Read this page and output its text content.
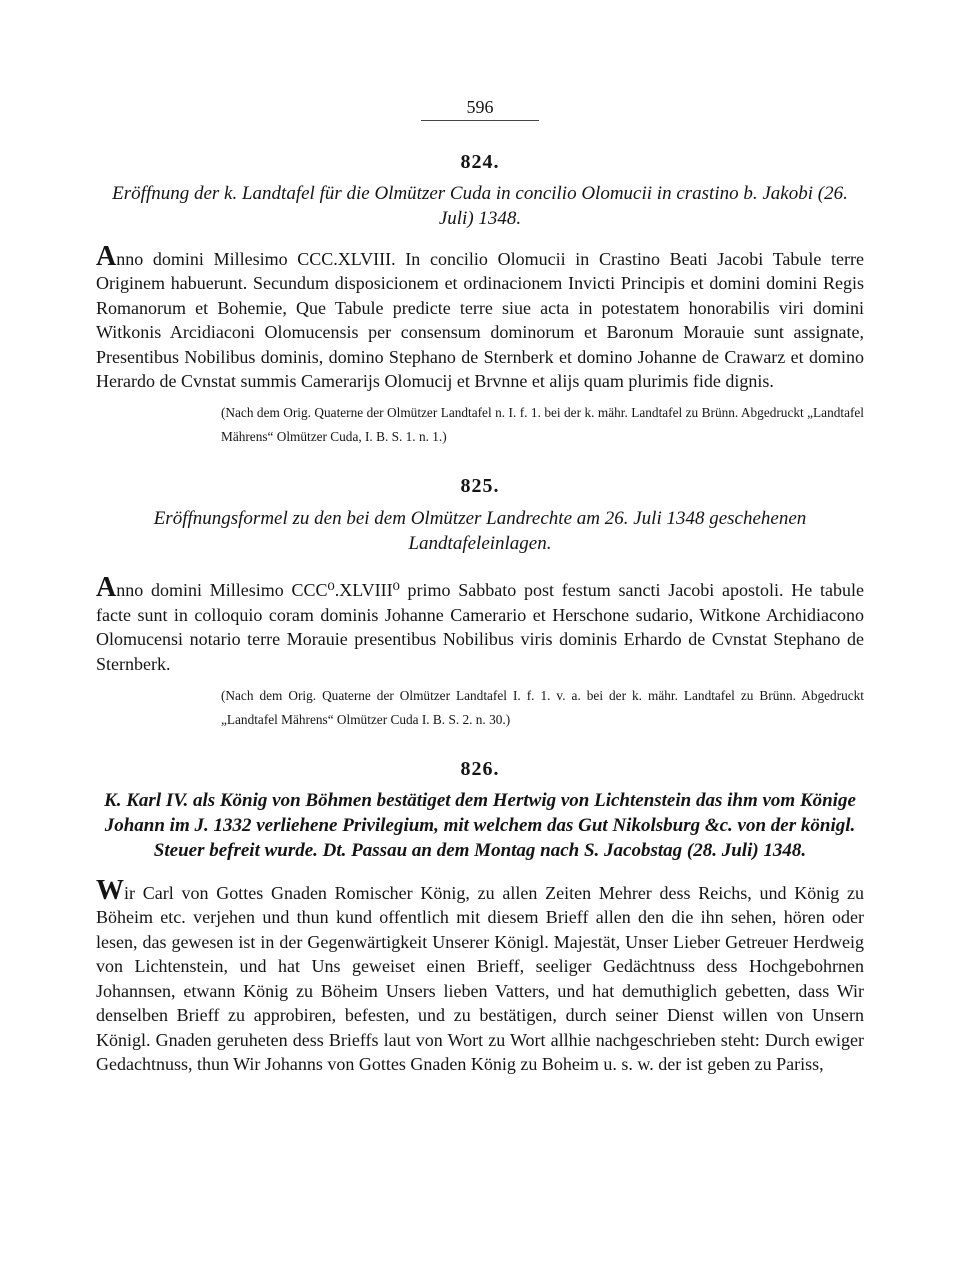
596

824.

Eröffnung der k. Landtafel für die Olmützer Cuda in concilio Olomucii in crastino b. Jakobi (26. Juli) 1348.

Anno domini Millesimo CCC.XLVIII. In concilio Olomucii in Crastino Beati Jacobi Tabule terre Originem habuerunt. Secundum disposicionem et ordinacionem Invicti Principis et domini domini Regis Romanorum et Bohemie, Que Tabule predicte terre siue acta in potestatem honorabilis viri domini Witkonis Arcidiaconi Olomucensis per consensum dominorum et Baronum Morauie sunt assignate, Presentibus Nobilibus dominis, domino Stephano de Sternberk et domino Johanne de Crawarz et domino Herardo de Cvnstat summis Camerarijs Olomucij et Brvnne et alijs quam plurimis fide dignis.

(Nach dem Orig. Quaterne der Olmützer Landtafel n. I. f. 1. bei der k. mähr. Landtafel zu Brünn. Abgedruckt „Landtafel Mährens“ Olmützer Cuda, I. B. S. 1. n. 1.)

825.

Eröffnungsformel zu den bei dem Olmützer Landrechte am 26. Juli 1348 geschehenen Landtafeleinlagen.

Anno domini Millesimo CCC⁰.XLVIII⁰ primo Sabbato post festum sancti Jacobi apostoli. He tabule facte sunt in colloquio coram dominis Johanne Camerario et Herschone sudario, Witkone Archidiacono Olomucensi notario terre Morauie presentibus Nobilibus viris dominis Erhardo de Cvnstat Stephano de Sternberk.

(Nach dem Orig. Quaterne der Olmützer Landtafel I. f. 1. v. a. bei der k. mähr. Landtafel zu Brünn. Abgedruckt „Landtafel Mährens“ Olmützer Cuda I. B. S. 2. n. 30.)

826.

K. Karl IV. als König von Böhmen bestätiget dem Hertwig von Lichtenstein das ihm vom Könige Johann im J. 1332 verliehene Privilegium, mit welchem das Gut Nikolsburg &c. von der königl. Steuer befreit wurde. Dt. Passau an dem Montag nach S. Jacobstag (28. Juli) 1348.

Wir Carl von Gottes Gnaden Romischer König, zu allen Zeiten Mehrer dess Reichs, und König zu Böheim etc. verjehen und thun kund offentlich mit diesem Brieff allen den die ihn sehen, hören oder lesen, das gewesen ist in der Gegenwärtigkeit Unserer Königl. Majestät, Unser Lieber Getreuer Herdweig von Lichtenstein, und hat Uns geweiset einen Brieff, seeliger Gedächtnuss dess Hochgebohrnen Johannsen, etwann König zu Böheim Unsers lieben Vatters, und hat demuthiglich gebetten, dass Wir denselben Brieff zu approbiren, befesten, und zu bestätigen, durch seiner Dienst willen von Unsern Königl. Gnaden geruheten dess Brieffs laut von Wort zu Wort allhie nachgeschrieben steht: Durch ewiger Gedachtnuss, thun Wir Johanns von Gottes Gnaden König zu Boheim u. s. w. der ist geben zu Pariss,
